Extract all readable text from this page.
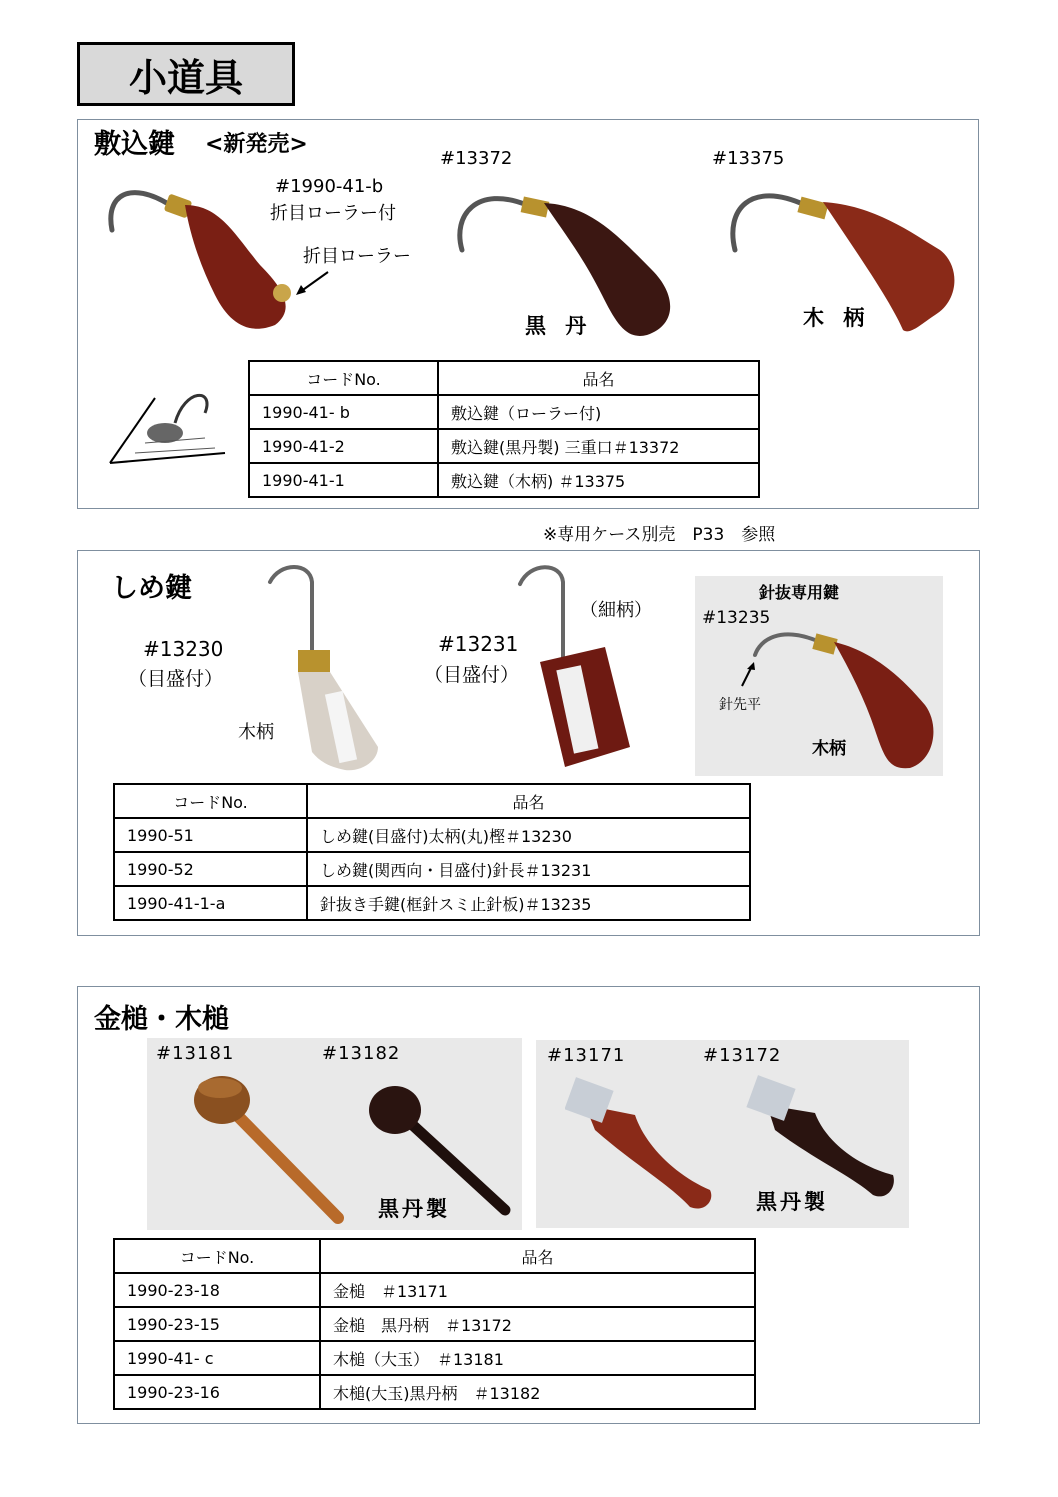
小道具
敷込鍵 <新発売>
#1990-41-b
折目ローラー付
折目ローラー
#13372
黒 丹
#13375
木 柄
コードNo.	品名
1990-41- b	敷込鍵（ローラー付)
1990-41-2	敷込鍵(黒丹製) 三重口＃13372
1990-41-1	敷込鍵（木柄) ＃13375
※専用ケース別売　P33　参照
しめ鍵
#13230
（目盛付）
木柄
#13231
（目盛付）
（細柄）
針抜専用鍵
#13235
針先平
木柄
コードNo.	品名
1990-51	しめ鍵(目盛付)太柄(丸)樫＃13230
1990-52	しめ鍵(関西向・目盛付)針長＃13231
1990-41-1-a	針抜き手鍵(框針スミ止針板)＃13235
金槌・木槌
#13181	#13182
黒丹製
#13171	#13172
黒丹製
コードNo.	品名
1990-23-18	金槌　＃13171
1990-23-15	金槌　黒丹柄　＃13172
1990-41- c	木槌（大玉）　＃13181
1990-23-16	木槌(大玉)黒丹柄　＃13182
